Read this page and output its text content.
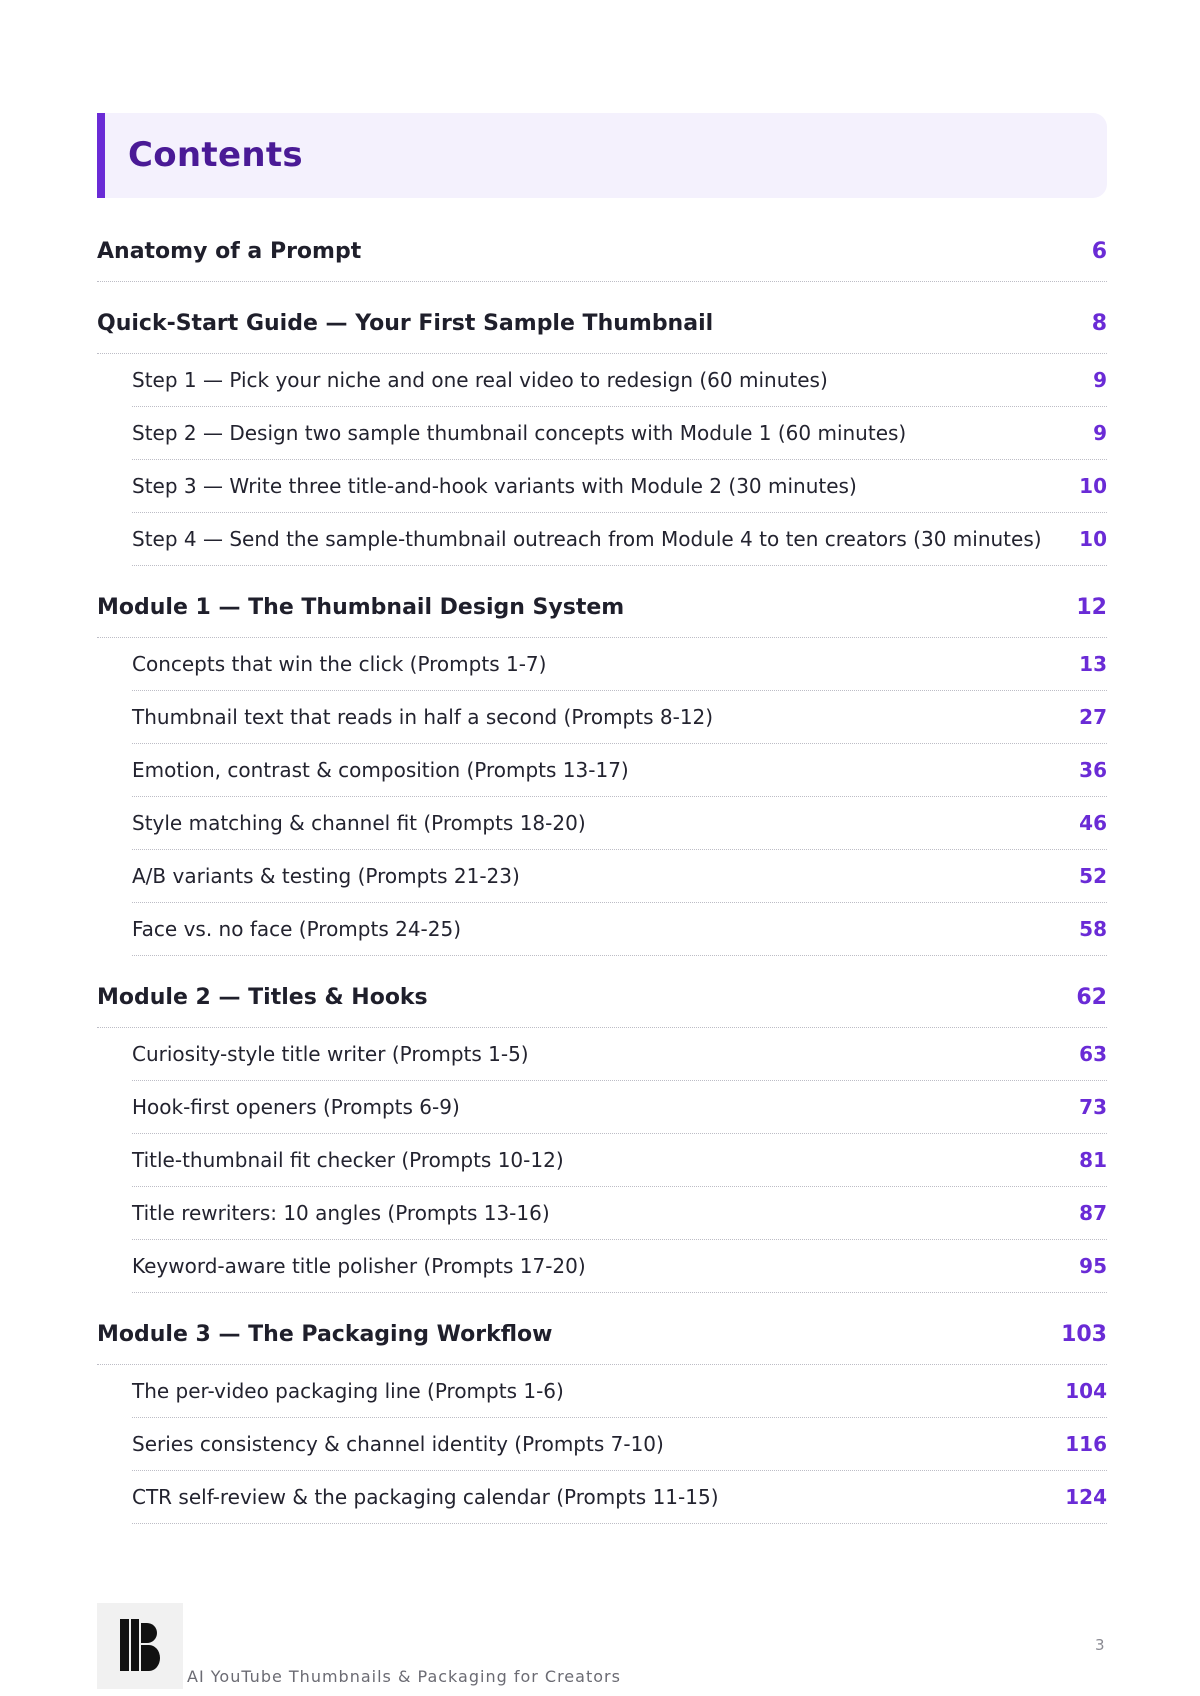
Contents
Anatomy of a Prompt	6
Quick-Start Guide — Your First Sample Thumbnail	8
Step 1 — Pick your niche and one real video to redesign (60 minutes)	9
Step 2 — Design two sample thumbnail concepts with Module 1 (60 minutes)	9
Step 3 — Write three title-and-hook variants with Module 2 (30 minutes)	10
Step 4 — Send the sample-thumbnail outreach from Module 4 to ten creators (30 minutes) 10
Module 1 — The Thumbnail Design System	12
Concepts that win the click (Prompts 1-7)	13
Thumbnail text that reads in half a second (Prompts 8-12)	27
Emotion, contrast & composition (Prompts 13-17)	36
Style matching & channel fit (Prompts 18-20)	46
A/B variants & testing (Prompts 21-23)	52
Face vs. no face (Prompts 24-25)	58
Module 2 — Titles & Hooks	62
Curiosity-style title writer (Prompts 1-5)	63
Hook-first openers (Prompts 6-9)	73
Title-thumbnail fit checker (Prompts 10-12)	81
Title rewriters: 10 angles (Prompts 13-16)	87
Keyword-aware title polisher (Prompts 17-20)	95
Module 3 — The Packaging Workflow	103
The per-video packaging line (Prompts 1-6)	104
Series consistency & channel identity (Prompts 7-10)	116
CTR self-review & the packaging calendar (Prompts 11-15)	124
AI YouTube Thumbnails & Packaging for Creators
3
